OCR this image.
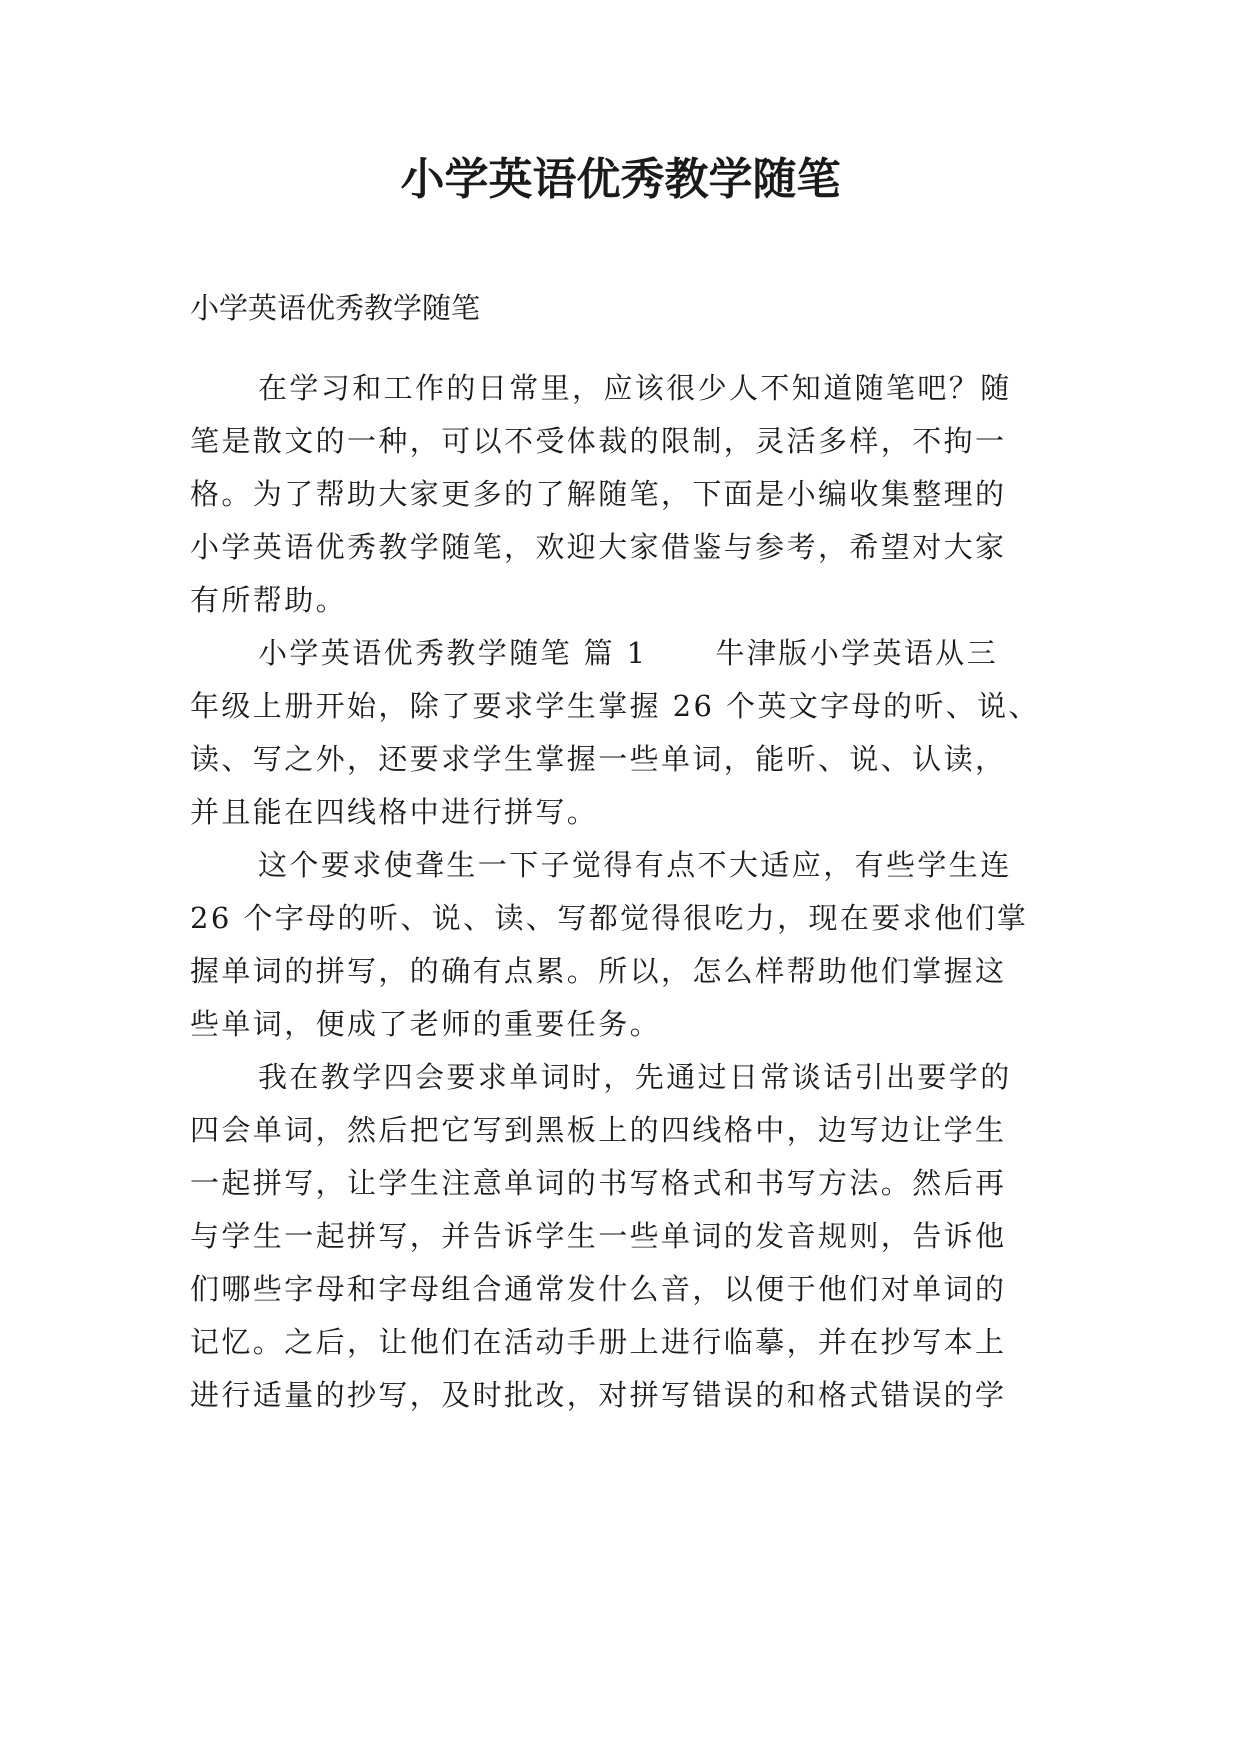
小学英语优秀教学随笔

小学英语优秀教学随笔

在学习和工作的日常里，应该很少人不知道随笔吧？随

笔是散文的一种，可以不受体裁的限制，灵活多样，不拘一

格。为了帮助大家更多的了解随笔，下面是小编收集整理的

小学英语优秀教学随笔，欢迎大家借鉴与参考，希望对大家

有所帮助。

小学英语优秀教学随笔 篇 1 牛津版小学英语从三

年级上册开始，除了要求学生掌握 26 个英文字母的听、说、

读、写之外，还要求学生掌握一些单词，能听、说、认读，

并且能在四线格中进行拼写。

这个要求使聋生一下子觉得有点不大适应，有些学生连

26 个字母的听、说、读、写都觉得很吃力，现在要求他们掌

握单词的拼写，的确有点累。所以，怎么样帮助他们掌握这

些单词，便成了老师的重要任务。

我在教学四会要求单词时，先通过日常谈话引出要学的

四会单词，然后把它写到黑板上的四线格中，边写边让学生

一起拼写，让学生注意单词的书写格式和书写方法。然后再

与学生一起拼写，并告诉学生一些单词的发音规则，告诉他

们哪些字母和字母组合通常发什么音，以便于他们对单词的

记忆。之后，让他们在活动手册上进行临摹，并在抄写本上

进行适量的抄写，及时批改，对拼写错误的和格式错误的学
